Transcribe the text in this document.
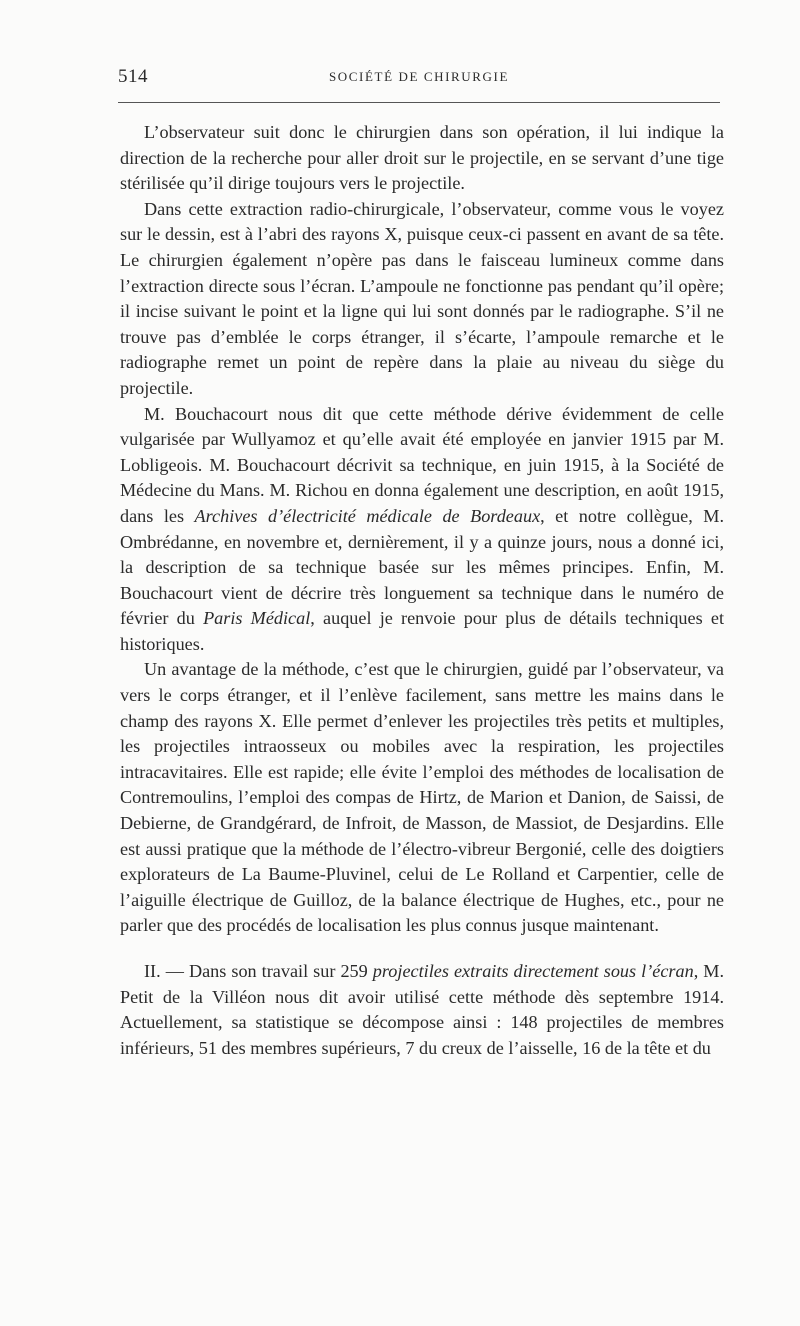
514	SOCIÉTÉ DE CHIRURGIE

L’observateur suit donc le chirurgien dans son opération, il lui indique la direction de la recherche pour aller droit sur le projectile, en se servant d’une tige stérilisée qu’il dirige toujours vers le projectile.

Dans cette extraction radio-chirurgicale, l’observateur, comme vous le voyez sur le dessin, est à l’abri des rayons X, puisque ceux-ci passent en avant de sa tête. Le chirurgien également n’opère pas dans le faisceau lumineux comme dans l’extraction directe sous l’écran. L’ampoule ne fonctionne pas pendant qu’il opère; il incise suivant le point et la ligne qui lui sont donnés par le radiographe. S’il ne trouve pas d’emblée le corps étranger, il s’écarte, l’ampoule remarche et le radiographe remet un point de repère dans la plaie au niveau du siège du projectile.

M. Bouchacourt nous dit que cette méthode dérive évidemment de celle vulgarisée par Wullyamoz et qu’elle avait été employée en janvier 1915 par M. Lobligeois. M. Bouchacourt décrivit sa technique, en juin 1915, à la Société de Médecine du Mans. M. Richou en donna également une description, en août 1915, dans les Archives d’électricité médicale de Bordeaux, et notre collègue, M. Ombrédanne, en novembre et, dernièrement, il y a quinze jours, nous a donné ici, la description de sa technique basée sur les mêmes principes. Enfin, M. Bouchacourt vient de décrire très longuement sa technique dans le numéro de février du Paris Médical, auquel je renvoie pour plus de détails techniques et historiques.

Un avantage de la méthode, c’est que le chirurgien, guidé par l’observateur, va vers le corps étranger, et il l’enlève facilement, sans mettre les mains dans le champ des rayons X. Elle permet d’enlever les projectiles très petits et multiples, les projectiles intraosseux ou mobiles avec la respiration, les projectiles intracavitaires. Elle est rapide; elle évite l’emploi des méthodes de localisation de Contremoulins, l’emploi des compas de Hirtz, de Marion et Danion, de Saissi, de Debierne, de Grandgérard, de Infroit, de Masson, de Massiot, de Desjardins. Elle est aussi pratique que la méthode de l’électro-vibreur Bergonié, celle des doigtiers explorateurs de La Baume-Pluvinel, celui de Le Rolland et Carpentier, celle de l’aiguille électrique de Guilloz, de la balance électrique de Hughes, etc., pour ne parler que des procédés de localisation les plus connus jusque maintenant.

II. — Dans son travail sur 259 projectiles extraits directement sous l’écran, M. Petit de la Villéon nous dit avoir utilisé cette méthode dès septembre 1914. Actuellement, sa statistique se décompose ainsi : 148 projectiles de membres inférieurs, 51 des membres supérieurs, 7 du creux de l’aisselle, 16 de la tête et du
